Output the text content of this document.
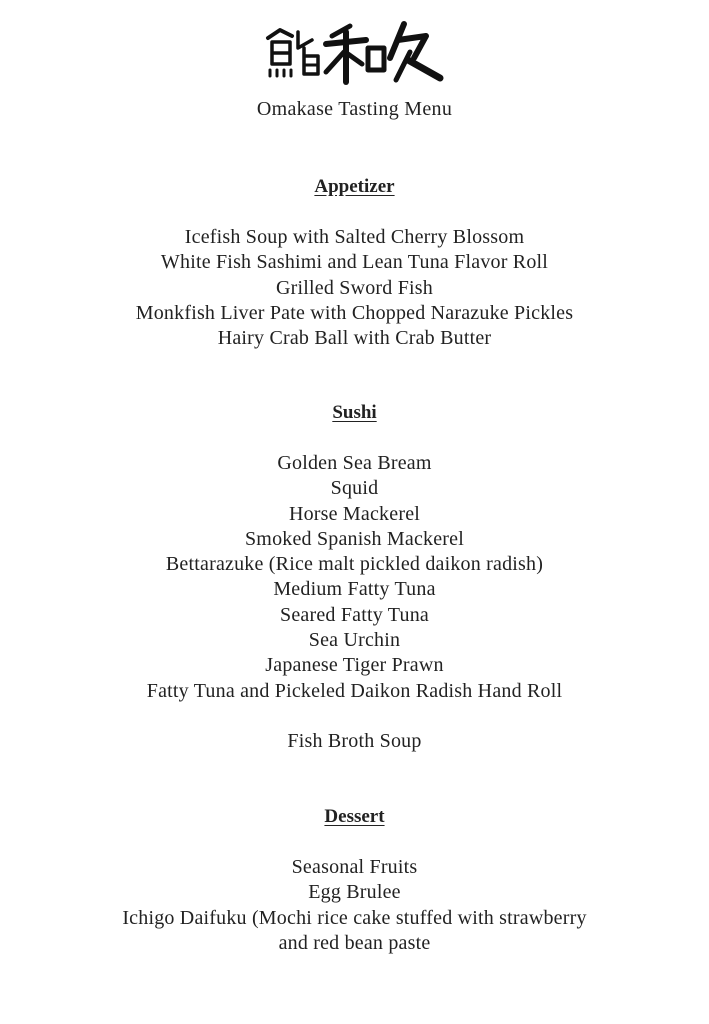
鮨和久
Omakase Tasting Menu
Appetizer
Icefish Soup with Salted Cherry Blossom
White Fish Sashimi and Lean Tuna Flavor Roll
Grilled Sword Fish
Monkfish Liver Pate with Chopped Narazuke Pickles
Hairy Crab Ball with Crab Butter
Sushi
Golden Sea Bream
Squid
Horse Mackerel
Smoked Spanish Mackerel
Bettarazuke (Rice malt pickled daikon radish)
Medium Fatty Tuna
Seared Fatty Tuna
Sea Urchin
Japanese Tiger Prawn
Fatty Tuna and Pickeled Daikon Radish Hand Roll
Fish Broth Soup
Dessert
Seasonal Fruits
Egg Brulee
Ichigo Daifuku (Mochi rice cake stuffed with strawberry
and red bean paste
